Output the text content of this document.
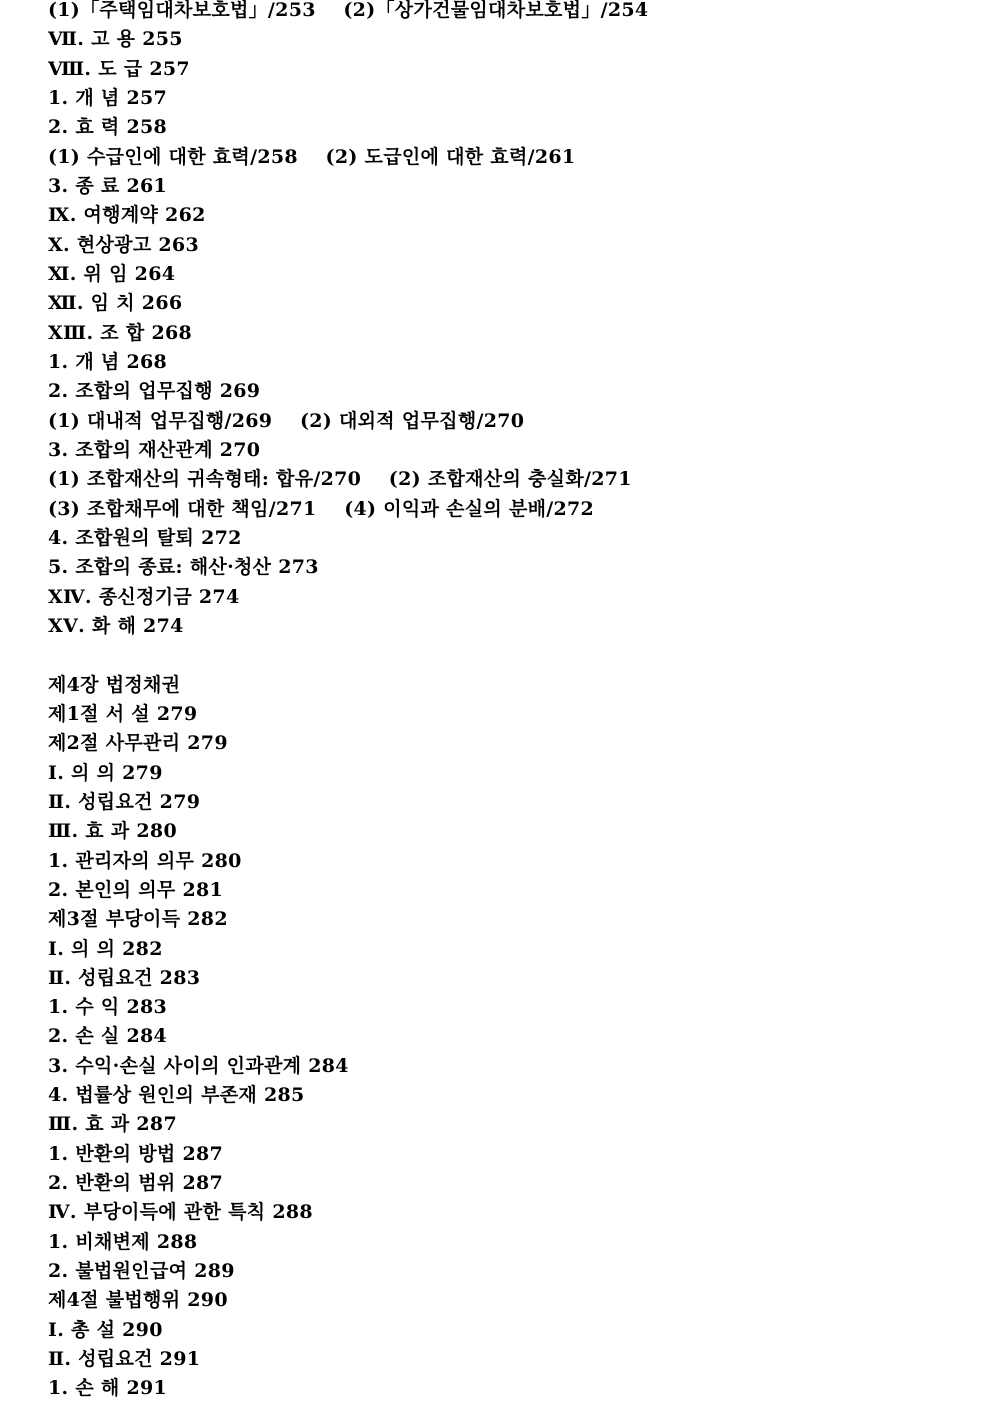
(1)「주택임대차보호법」/253    (2)「상가건물임대차보호법」/254
Ⅶ. 고 용 255
Ⅷ. 도 급 257
1. 개 념 257
2. 효 력 258
(1) 수급인에 대한 효력/258    (2) 도급인에 대한 효력/261
3. 종 료 261
Ⅸ. 여행계약 262
Ⅹ. 현상광고 263
Ⅺ. 위 임 264
Ⅻ. 임 치 266
ⅩⅢ. 조 합 268
1. 개 념 268
2. 조합의 업무집행 269
(1) 대내적 업무집행/269    (2) 대외적 업무집행/270
3. 조합의 재산관계 270
(1) 조합재산의 귀속형태: 합유/270    (2) 조합재산의 충실화/271
(3) 조합채무에 대한 책임/271    (4) 이익과 손실의 분배/272
4. 조합원의 탈퇴 272
5. 조합의 종료: 해산·청산 273
ⅩⅣ. 종신정기금 274
ⅩⅤ. 화 해 274
제4장 법정채권
제1절 서 설 279
제2절 사무관리 279
Ⅰ. 의 의 279
Ⅱ. 성립요건 279
Ⅲ. 효 과 280
1. 관리자의 의무 280
2. 본인의 의무 281
제3절 부당이득 282
Ⅰ. 의 의 282
Ⅱ. 성립요건 283
1. 수 익 283
2. 손 실 284
3. 수익·손실 사이의 인과관계 284
4. 법률상 원인의 부존재 285
Ⅲ. 효 과 287
1. 반환의 방법 287
2. 반환의 범위 287
Ⅳ. 부당이득에 관한 특칙 288
1. 비채변제 288
2. 불법원인급여 289
제4절 불법행위 290
Ⅰ. 총 설 290
Ⅱ. 성립요건 291
1. 손 해 291
